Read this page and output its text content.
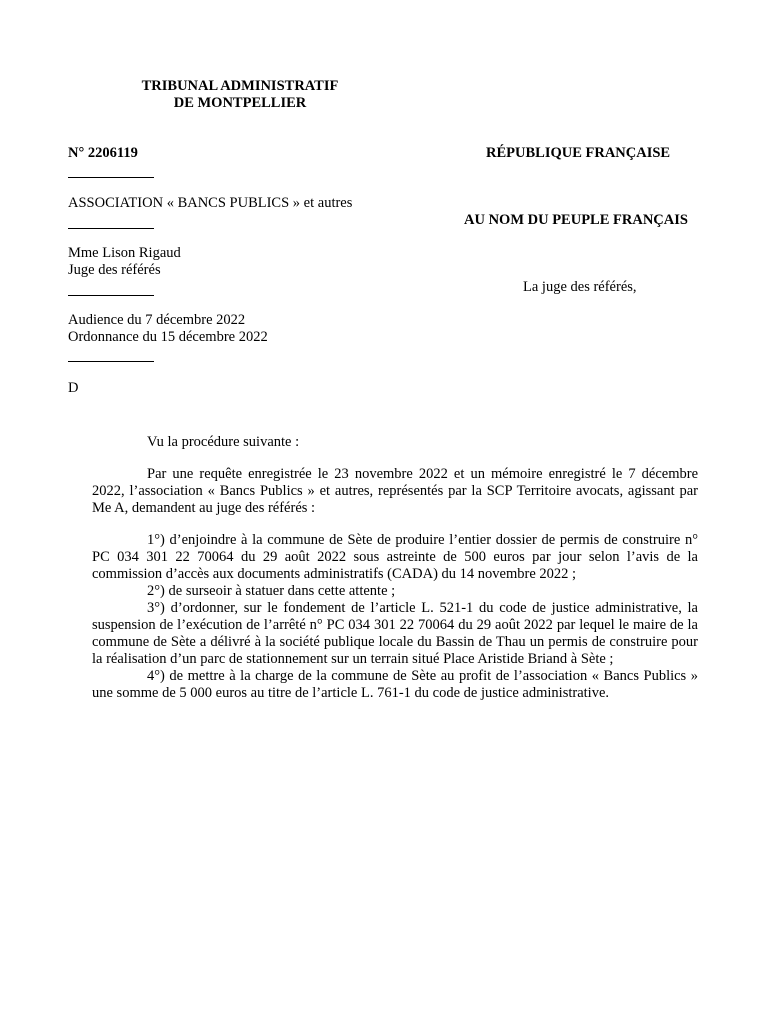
TRIBUNAL ADMINISTRATIF
DE MONTPELLIER
N° 2206119	RÉPUBLIQUE FRANÇAISE
ASSOCIATION « BANCS PUBLICS » et autres
AU NOM DU PEUPLE FRANÇAIS
Mme Lison Rigaud
Juge des référés
La juge des référés,
Audience du 7 décembre 2022
Ordonnance du 15 décembre 2022
D

Vu la procédure suivante :

Par une requête enregistrée le 23 novembre 2022 et un mémoire enregistré le 7 décembre 2022, l’association « Bancs Publics » et autres, représentés par la SCP Territoire avocats, agissant par Me A, demandent au juge des référés :

1°) d’enjoindre à la commune de Sète de produire l’entier dossier de permis de construire n° PC 034 301 22 70064 du 29 août 2022 sous astreinte de 500 euros par jour selon l’avis de la commission d’accès aux documents administratifs (CADA) du 14 novembre 2022 ;

2°) de surseoir à statuer dans cette attente ;

3°) d’ordonner, sur le fondement de l’article L. 521-1 du code de justice administrative, la suspension de l’exécution de l’arrêté n° PC 034 301 22 70064 du 29 août 2022 par lequel le maire de la commune de Sète a délivré à la société publique locale du Bassin de Thau un permis de construire pour la réalisation d’un parc de stationnement sur un terrain situé Place Aristide Briand à Sète ;

4°) de mettre à la charge de la commune de Sète au profit de l’association « Bancs Publics » une somme de 5 000 euros au titre de l’article L. 761-1 du code de justice administrative.
